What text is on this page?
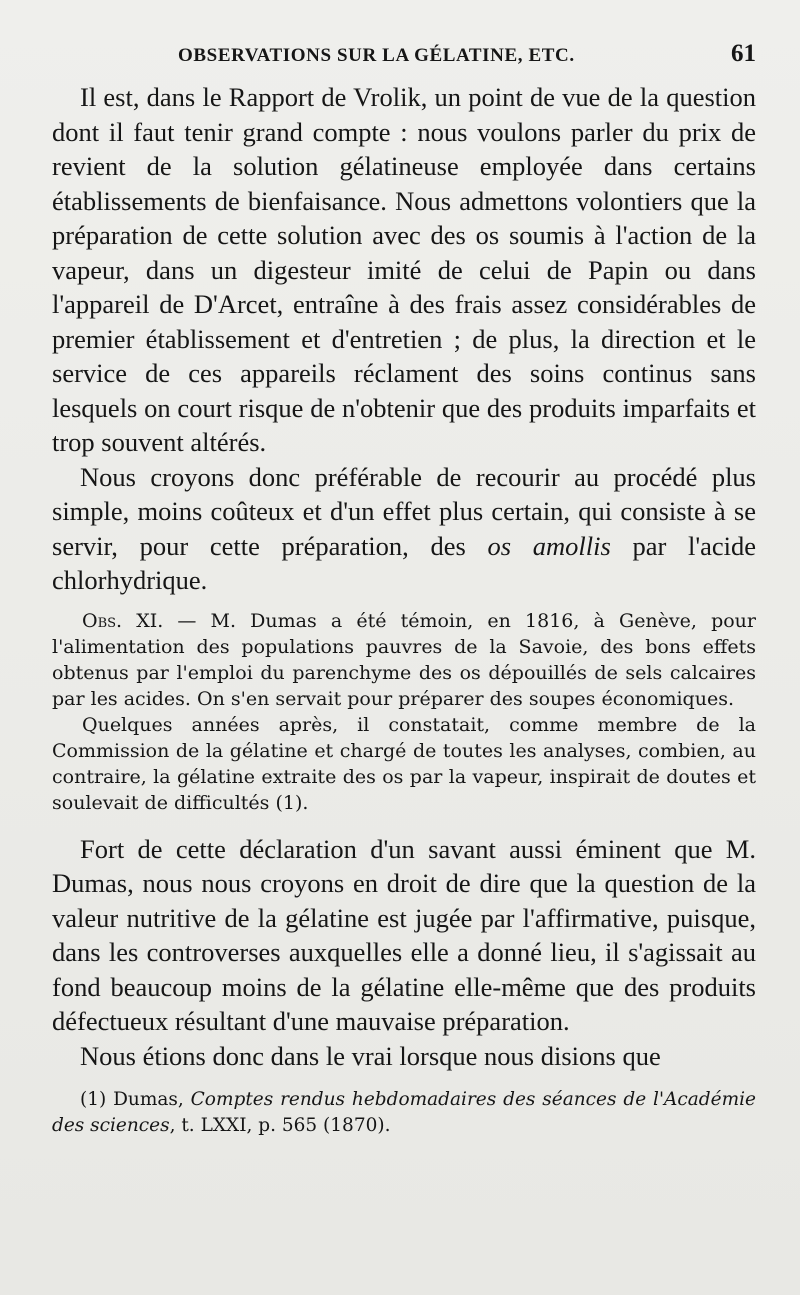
OBSERVATIONS SUR LA GÉLATINE, ETC.	61

Il est, dans le Rapport de Vrolik, un point de vue de la question dont il faut tenir grand compte : nous voulons parler du prix de revient de la solution gélatineuse employée dans certains établissements de bienfaisance. Nous admettons volontiers que la préparation de cette solution avec des os soumis à l'action de la vapeur, dans un digesteur imité de celui de Papin ou dans l'appareil de D'Arcet, entraîne à des frais assez considérables de premier établissement et d'entretien ; de plus, la direction et le service de ces appareils réclament des soins continus sans lesquels on court risque de n'obtenir que des produits imparfaits et trop souvent altérés.

Nous croyons donc préférable de recourir au procédé plus simple, moins coûteux et d'un effet plus certain, qui consiste à se servir, pour cette préparation, des os amollis par l'acide chlorhydrique.

Obs. XI. — M. Dumas a été témoin, en 1816, à Genève, pour l'alimentation des populations pauvres de la Savoie, des bons effets obtenus par l'emploi du parenchyme des os dépouillés de sels calcaires par les acides. On s'en servait pour préparer des soupes économiques.

Quelques années après, il constatait, comme membre de la Commission de la gélatine et chargé de toutes les analyses, combien, au contraire, la gélatine extraite des os par la vapeur, inspirait de doutes et soulevait de difficultés (1).

Fort de cette déclaration d'un savant aussi éminent que M. Dumas, nous nous croyons en droit de dire que la question de la valeur nutritive de la gélatine est jugée par l'affirmative, puisque, dans les controverses auxquelles elle a donné lieu, il s'agissait au fond beaucoup moins de la gélatine elle-même que des produits défectueux résultant d'une mauvaise préparation.

Nous étions donc dans le vrai lorsque nous disions que

(1) Dumas, Comptes rendus hebdomadaires des séances de l'Académie des sciences, t. LXXI, p. 565 (1870).
